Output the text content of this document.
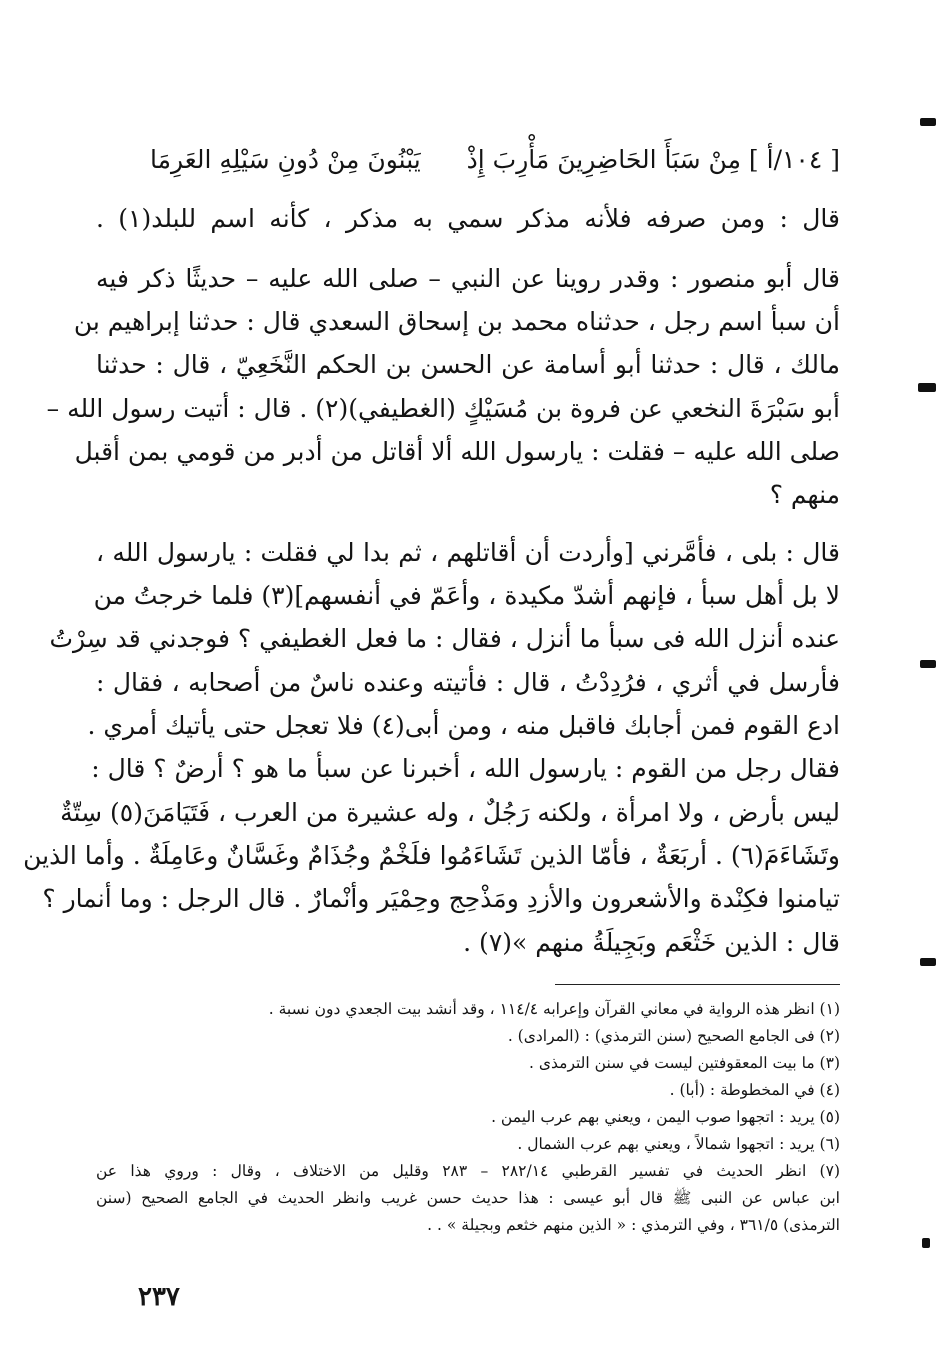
[ ١٠٤/أ ] مِنْ سَبَأَ الحَاضِرِينَ مَأْرِبَ إِذْ
يَبْنُونَ مِنْ دُونِ سَيْلِهِ العَرِمَا
قال : ومن صرفه فلأنه مذكر سمي به مذكر ، كأنه اسم للبلد(١) .
قال أبو منصور : وقدر روينا عن النبي – صلى الله عليه – حديثًا ذكر فيه
أن سبأ اسم رجل ، حدثناه محمد بن إسحاق السعدي قال : حدثنا إبراهيم بن
مالك ، قال : حدثنا أبو أسامة عن الحسن بن الحكم النَّخَعِيّ ، قال : حدثنا
أبو سَبْرَةَ النخعي عن فروة بن مُسَيْكٍ (الغطيفي)(٢) . قال : أتيت رسول الله –
صلى الله عليه – فقلت : يارسول الله ألا أقاتل من أدبر من قومي بمن أقبل
منهم ؟
قال : بلى ، فأمَّرني [وأردت أن أقاتلهم ، ثم بدا لي فقلت : يارسول الله ،
لا بل أهل سبأ ، فإنهم أشدّ مكيدة ، وأعَمّ في أنفسهم](٣) فلما خرجتُ من
عنده أنزل الله فى سبأ ما أنزل ، فقال : ما فعل الغطيفي ؟ فوجدني قد سِرْتُ
فأرسل في أثري ، فرُدِدْتُ ، قال : فأتيته وعنده ناسٌ من أصحابه ، فقال :
ادع القوم فمن أجابك فاقبل منه ، ومن أبى(٤) فلا تعجل حتى يأتيك أمري .
فقال رجل من القوم : يارسول الله ، أخبرنا عن سبأ ما هو ؟ أرضٌ ؟ قال :
ليس بأرض ، ولا امرأة ، ولكنه رَجُلٌ ، وله عشيرة من العرب ، فَتَيَامَنَ(٥) سِتّةٌ
وتَشَاءَمَ(٦) . أربَعَةٌ ، فأمّا الذين تَشَاءَمُوا فلَخْمٌ وجُذَامٌ وغَسَّانٌ وعَامِلَةٌ . وأما الذين
تيامنوا فكِنْدة والأشعرون والأزدِ ومَذْحِج وحِمْيَر وأنْمارٌ . قال الرجل : وما أنمار ؟
قال : الذين خَثْعَم وبَجِيلَةُ منهم »(٧) .
(١) انظر هذه الرواية في معاني القرآن وإعرابه ١١٤/٤ ، وقد أنشد بيت الجعدي دون نسبة .
(٢) فى الجامع الصحيح (سنن الترمذي) : (المرادى) .
(٣) ما بيت المعقوفتين ليست في سنن الترمذى .
(٤) في المخطوطة : (أبا) .
(٥) يريد : اتجهوا صوب اليمن ، ويعني بهم عرب اليمن .
(٦) يريد : اتجهوا شمالاً ، ويعني بهم عرب الشمال .
(٧) انظر الحديث في تفسير القرطبي ٢٨٢/١٤ – ٢٨٣ وقليل من الاختلاف ، وقال : وروي هذا عن
ابن عباس عن النبى ﷺ قال أبو عيسى : هذا حديث حسن غريب وانظر الحديث في الجامع الصحيح (سنن
الترمذى) ٣٦١/٥ ، وفي الترمذي : « الذين منهم خثعم وبجيلة » . .
٢٣٧
